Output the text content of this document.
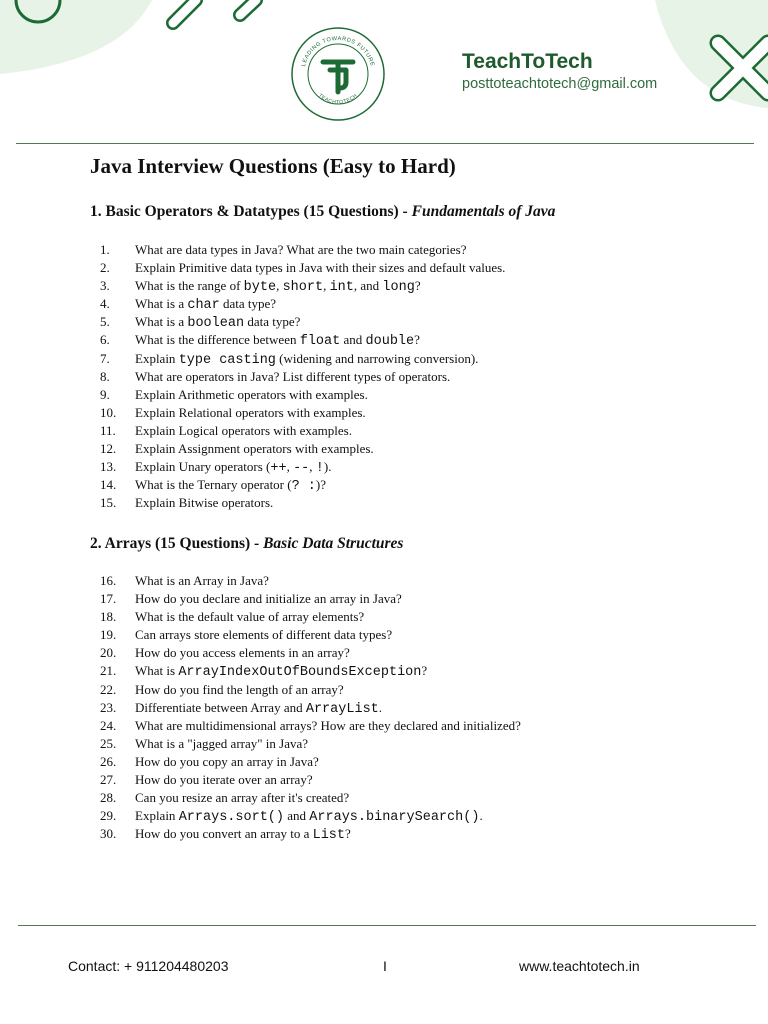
LEADING TOWARDS FUTURE
TEACHTOTECH
TeachToTech
posttoteachtotech@gmail.com
Java Interview Questions (Easy to Hard)
1. Basic Operators & Datatypes (15 Questions) - Fundamentals of Java
1. What are data types in Java? What are the two main categories?
2. Explain Primitive data types in Java with their sizes and default values.
3. What is the range of byte, short, int, and long?
4. What is a char data type?
5. What is a boolean data type?
6. What is the difference between float and double?
7. Explain type casting (widening and narrowing conversion).
8. What are operators in Java? List different types of operators.
9. Explain Arithmetic operators with examples.
10. Explain Relational operators with examples.
11. Explain Logical operators with examples.
12. Explain Assignment operators with examples.
13. Explain Unary operators (++, --, !).
14. What is the Ternary operator (? :)?
15. Explain Bitwise operators.
2. Arrays (15 Questions) - Basic Data Structures
16. What is an Array in Java?
17. How do you declare and initialize an array in Java?
18. What is the default value of array elements?
19. Can arrays store elements of different data types?
20. How do you access elements in an array?
21. What is ArrayIndexOutOfBoundsException?
22. How do you find the length of an array?
23. Differentiate between Array and ArrayList.
24. What are multidimensional arrays? How are they declared and initialized?
25. What is a "jagged array" in Java?
26. How do you copy an array in Java?
27. How do you iterate over an array?
28. Can you resize an array after it's created?
29. Explain Arrays.sort() and Arrays.binarySearch().
30. How do you convert an array to a List?
Contact: + 911204480203	I	www.teachtotech.in
